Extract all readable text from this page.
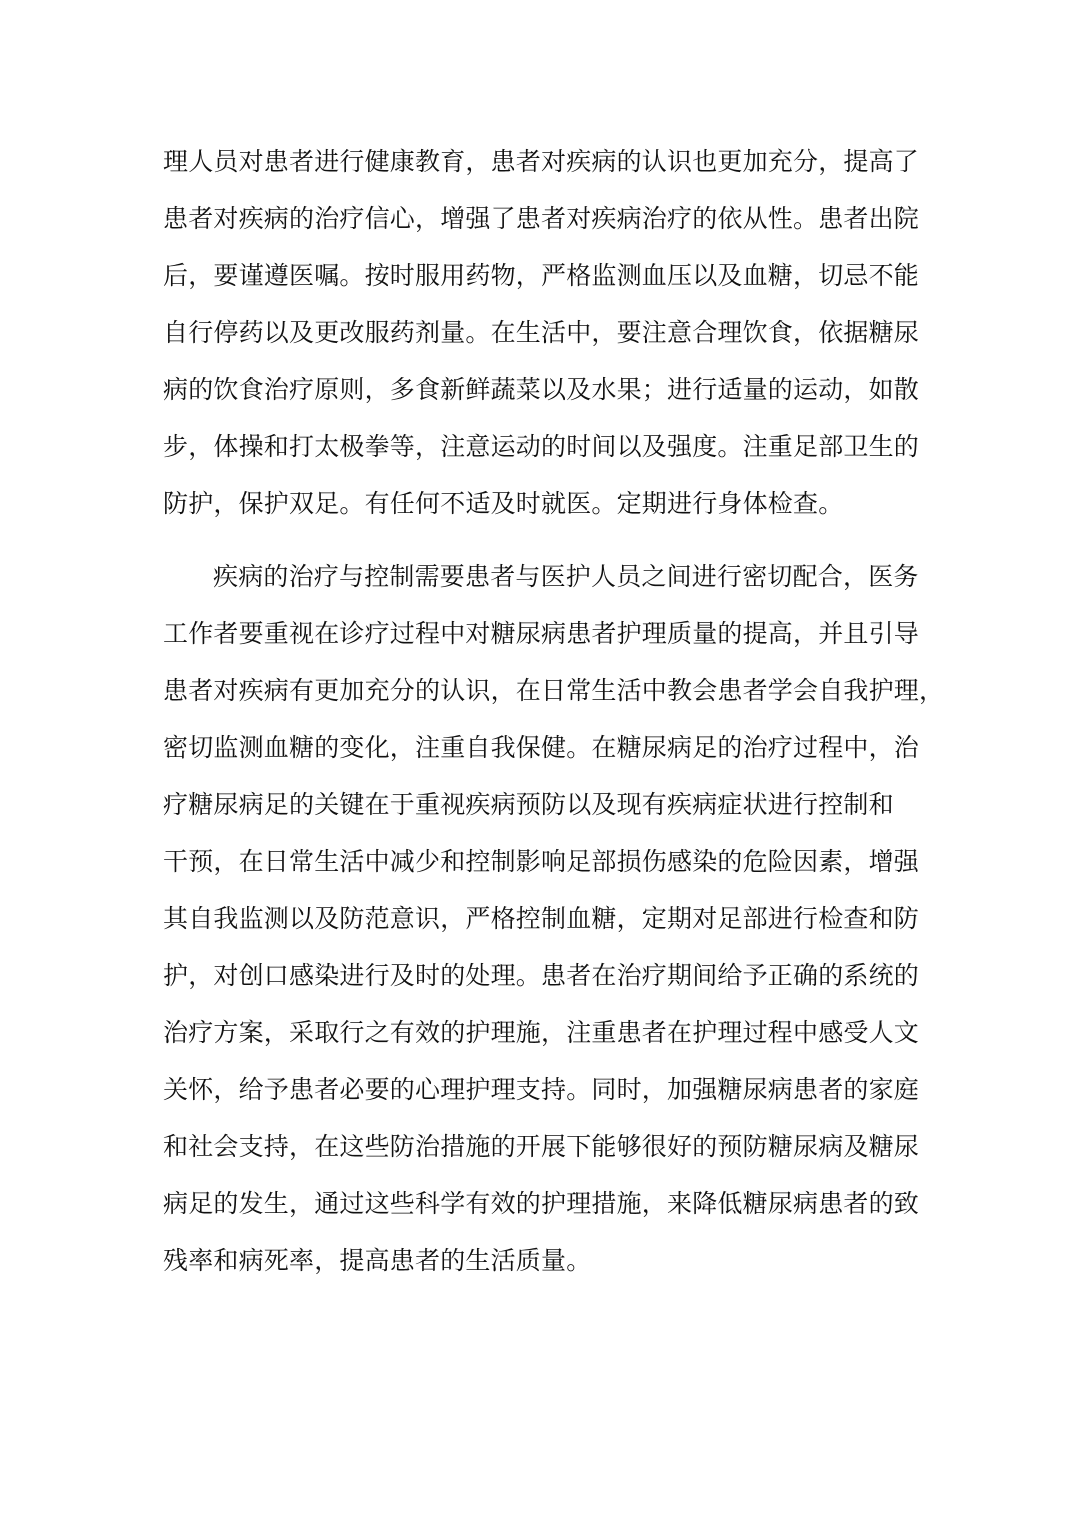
理人员对患者进行健康教育，患者对疾病的认识也更加充分，提高了
患者对疾病的治疗信心，增强了患者对疾病治疗的依从性。患者出院
后，要谨遵医嘱。按时服用药物，严格监测血压以及血糖，切忌不能
自行停药以及更改服药剂量。在生活中，要注意合理饮食，依据糖尿
病的饮食治疗原则，多食新鲜蔬菜以及水果；进行适量的运动，如散
步，体操和打太极拳等，注意运动的时间以及强度。注重足部卫生的
防护，保护双足。有任何不适及时就医。定期进行身体检查。

疾病的治疗与控制需要患者与医护人员之间进行密切配合，医务
工作者要重视在诊疗过程中对糖尿病患者护理质量的提高，并且引导
患者对疾病有更加充分的认识，在日常生活中教会患者学会自我护理，
密切监测血糖的变化，注重自我保健。在糖尿病足的治疗过程中，治
疗糖尿病足的关键在于重视疾病预防以及现有疾病症状进行控制和
干预，在日常生活中减少和控制影响足部损伤感染的危险因素，增强
其自我监测以及防范意识，严格控制血糖，定期对足部进行检查和防
护，对创口感染进行及时的处理。患者在治疗期间给予正确的系统的
治疗方案，采取行之有效的护理施，注重患者在护理过程中感受人文
关怀，给予患者必要的心理护理支持。同时，加强糖尿病患者的家庭
和社会支持，在这些防治措施的开展下能够很好的预防糖尿病及糖尿
病足的发生，通过这些科学有效的护理措施，来降低糖尿病患者的致
残率和病死率，提高患者的生活质量。
